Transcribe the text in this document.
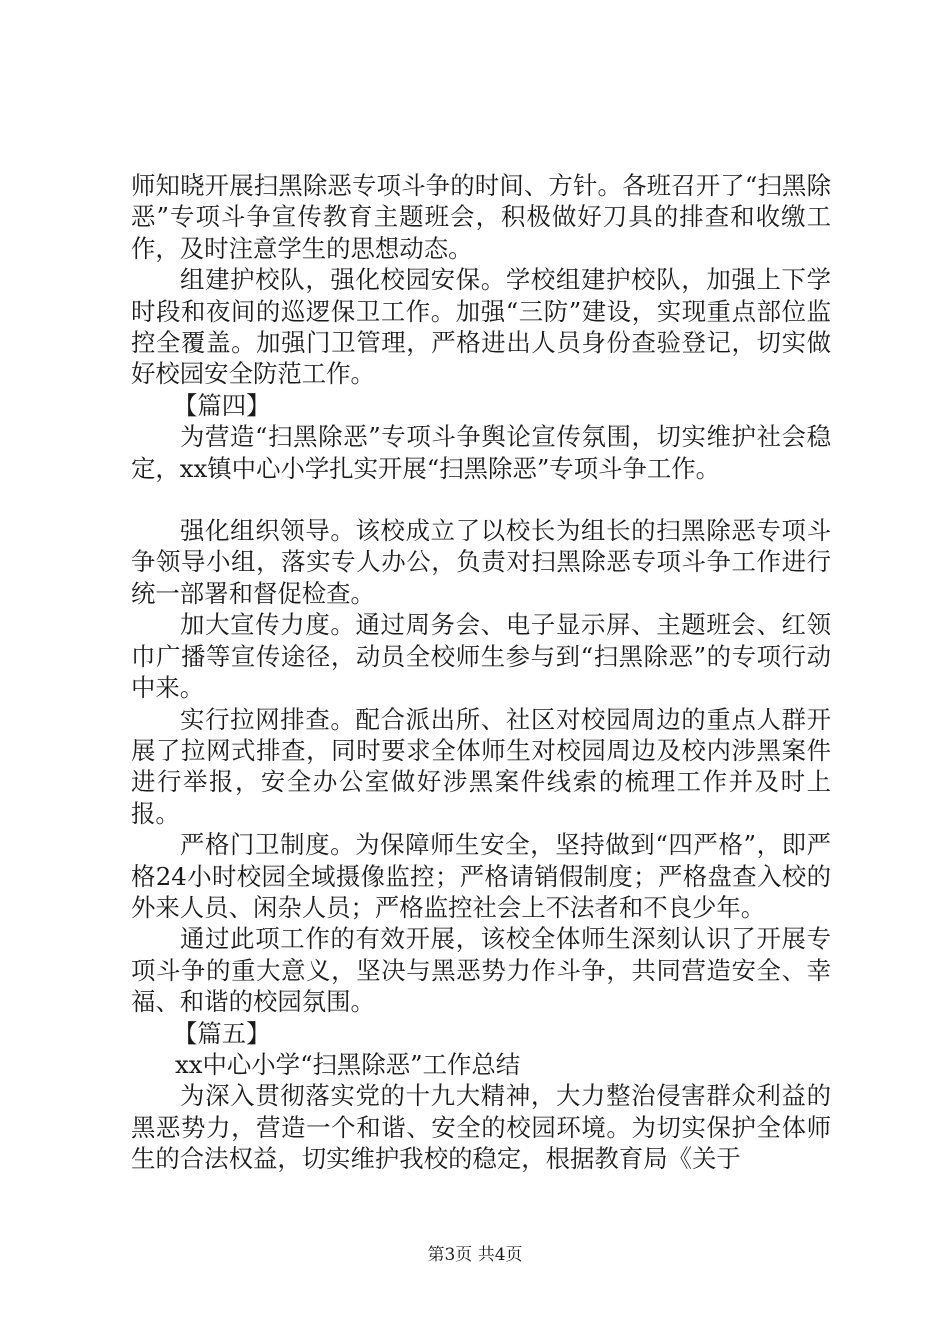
师知晓开展扫黑除恶专项斗争的时间、方针。各班召开了“扫黑除恶”专项斗争宣传教育主题班会，积极做好刀具的排查和收缴工作，及时注意学生的思想动态。

组建护校队，强化校园安保。学校组建护校队，加强上下学时段和夜间的巡逻保卫工作。加强“三防”建设，实现重点部位监控全覆盖。加强门卫管理，严格进出人员身份查验登记，切实做好校园安全防范工作。

【篇四】

为营造“扫黑除恶”专项斗争舆论宣传氛围，切实维护社会稳定，xx镇中心小学扎实开展“扫黑除恶”专项斗争工作。

强化组织领导。该校成立了以校长为组长的扫黑除恶专项斗争领导小组，落实专人办公，负责对扫黑除恶专项斗争工作进行统一部署和督促检查。

加大宣传力度。通过周务会、电子显示屏、主题班会、红领巾广播等宣传途径，动员全校师生参与到“扫黑除恶”的专项行动中来。

实行拉网排查。配合派出所、社区对校园周边的重点人群开展了拉网式排查，同时要求全体师生对校园周边及校内涉黑案件进行举报，安全办公室做好涉黑案件线索的梳理工作并及时上报。

严格门卫制度。为保障师生安全，坚持做到“四严格”，即严格24小时校园全域摄像监控；严格请销假制度；严格盘查入校的外来人员、闲杂人员；严格监控社会上不法者和不良少年。

通过此项工作的有效开展，该校全体师生深刻认识了开展专项斗争的重大意义，坚决与黑恶势力作斗争，共同营造安全、幸福、和谐的校园氛围。

【篇五】

xx中心小学“扫黑除恶”工作总结

为深入贯彻落实党的十九大精神，大力整治侵害群众利益的黑恶势力，营造一个和谐、安全的校园环境。为切实保护全体师生的合法权益，切实维护我校的稳定，根据教育局《关于

第3页 共4页
